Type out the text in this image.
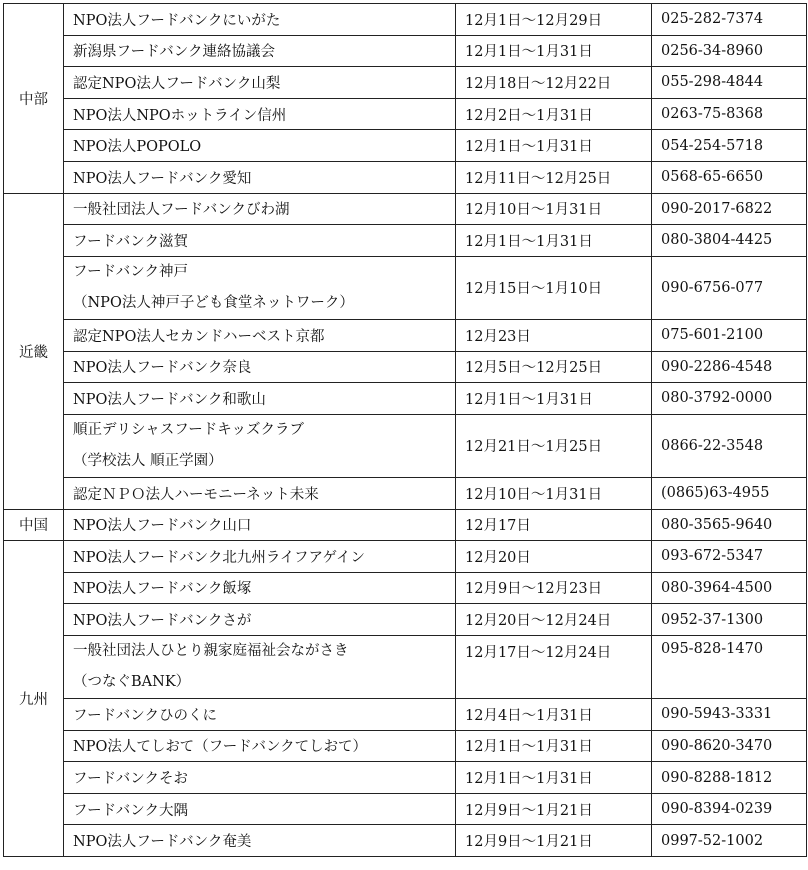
中部	NPO法人フードバンクにいがた	12月1日～12月29日	025-282-7374
	新潟県フードバンク連絡協議会	12月1日～1月31日	0256-34-8960
	認定NPO法人フードバンク山梨	12月18日～12月22日	055-298-4844
	NPO法人NPOホットライン信州	12月2日～1月31日	0263-75-8368
	NPO法人POPOLO	12月1日～1月31日	054-254-5718
	NPO法人フードバンク愛知	12月11日～12月25日	0568-65-6650
近畿	一般社団法人フードバンクびわ湖	12月10日～1月31日	090-2017-6822
	フードバンク滋賀	12月1日～1月31日	080-3804-4425

	フードバンク神戸
（NPO法人神戸子ども食堂ネットワーク）	12月15日～1月10日	090-6756-077
	認定NPO法人セカンドハーベスト京都	12月23日	075-601-2100
	NPO法人フードバンク奈良	12月5日～12月25日	090-2286-4548
	NPO法人フードバンク和歌山	12月1日～1月31日	080-3792-0000

	順正デリシャスフードキッズクラブ
（学校法人 順正学園）	12月21日～1月25日	0866-22-3548
	認定ＮＰＯ法人ハーモニーネット未来	12月10日～1月31日	(0865)63-4955
中国	NPO法人フードバンク山口	12月17日	080-3565-9640
九州	NPO法人フードバンク北九州ライフアゲイン	12月20日	093-672-5347
	NPO法人フードバンク飯塚	12月9日～12月23日	080-3964-4500
	NPO法人フードバンクさが	12月20日～12月24日	0952-37-1300

	一般社団法人ひとり親家庭福祉会ながさき
（つなぐBANK）	12月17日～12月24日	095-828-1470
	フードバンクひのくに	12月4日～1月31日	090-5943-3331
	NPO法人てしおて（フードバンクてしおて）	12月1日～1月31日	090-8620-3470
	フードバンクそお	12月1日～1月31日	090-8288-1812
	フードバンク大隅	12月9日～1月21日	090-8394-0239
	NPO法人フードバンク奄美	12月9日～1月21日	0997-52-1002
